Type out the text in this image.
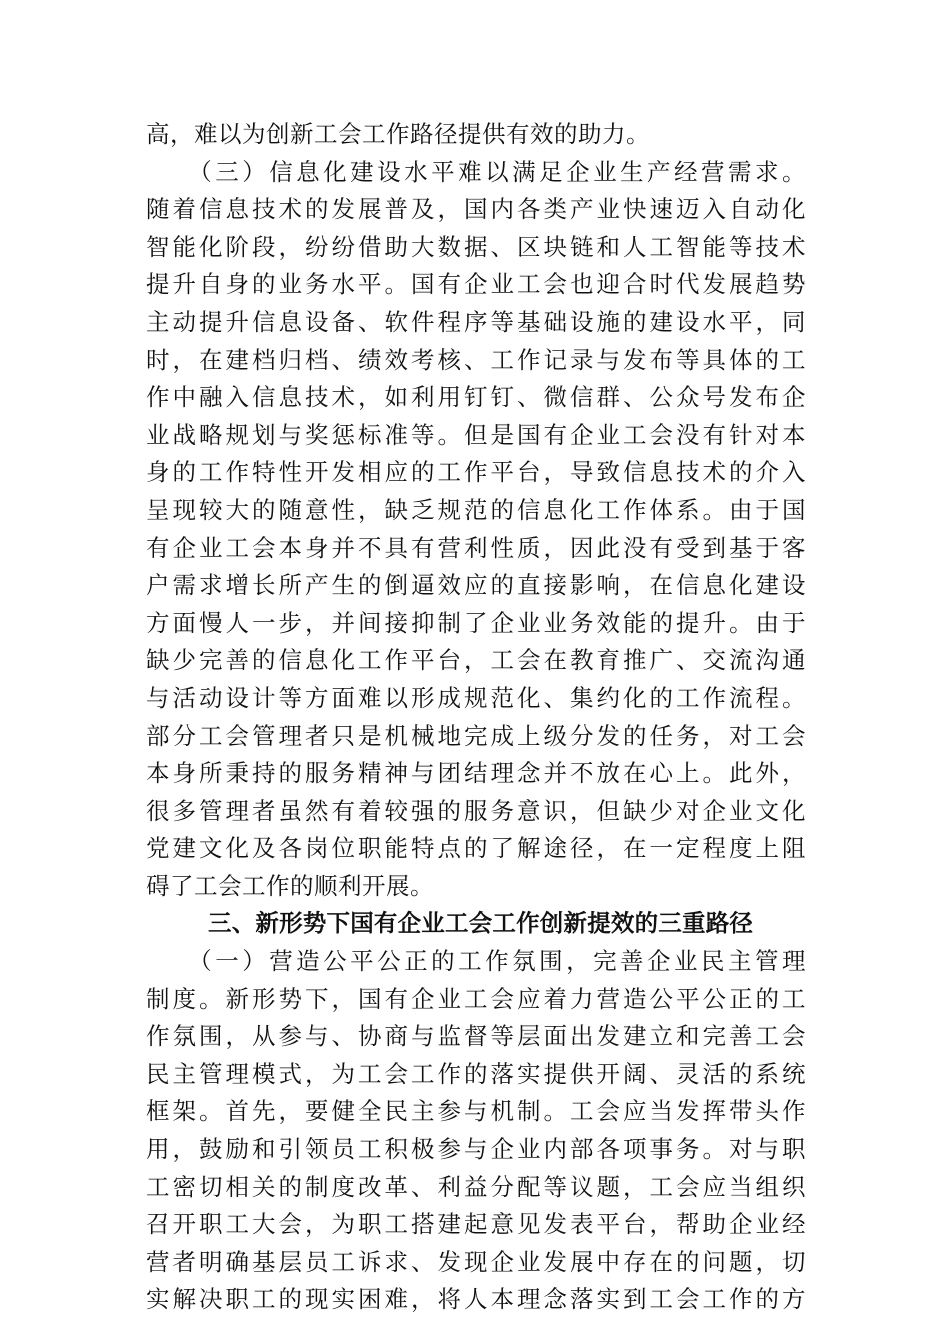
高，难以为创新工会工作路径提供有效的助力。
　　（三）信息化建设水平难以满足企业生产经营需求。
随着信息技术的发展普及，国内各类产业快速迈入自动化
智能化阶段，纷纷借助大数据、区块链和人工智能等技术
提升自身的业务水平。国有企业工会也迎合时代发展趋势
主动提升信息设备、软件程序等基础设施的建设水平，同
时，在建档归档、绩效考核、工作记录与发布等具体的工
作中融入信息技术，如利用钉钉、微信群、公众号发布企
业战略规划与奖惩标准等。但是国有企业工会没有针对本
身的工作特性开发相应的工作平台，导致信息技术的介入
呈现较大的随意性，缺乏规范的信息化工作体系。由于国
有企业工会本身并不具有营利性质，因此没有受到基于客
户需求增长所产生的倒逼效应的直接影响，在信息化建设
方面慢人一步，并间接抑制了企业业务效能的提升。由于
缺少完善的信息化工作平台，工会在教育推广、交流沟通
与活动设计等方面难以形成规范化、集约化的工作流程。
部分工会管理者只是机械地完成上级分发的任务，对工会
本身所秉持的服务精神与团结理念并不放在心上。此外，
很多管理者虽然有着较强的服务意识，但缺少对企业文化
党建文化及各岗位职能特点的了解途径，在一定程度上阻
碍了工会工作的顺利开展。
三、新形势下国有企业工会工作创新提效的三重路径
　　（一）营造公平公正的工作氛围，完善企业民主管理
制度。新形势下，国有企业工会应着力营造公平公正的工
作氛围，从参与、协商与监督等层面出发建立和完善工会
民主管理模式，为工会工作的落实提供开阔、灵活的系统
框架。首先，要健全民主参与机制。工会应当发挥带头作
用，鼓励和引领员工积极参与企业内部各项事务。对与职
工密切相关的制度改革、利益分配等议题，工会应当组织
召开职工大会，为职工搭建起意见发表平台，帮助企业经
营者明确基层员工诉求、发现企业发展中存在的问题，切
实解决职工的现实困难，将人本理念落实到工会工作的方
